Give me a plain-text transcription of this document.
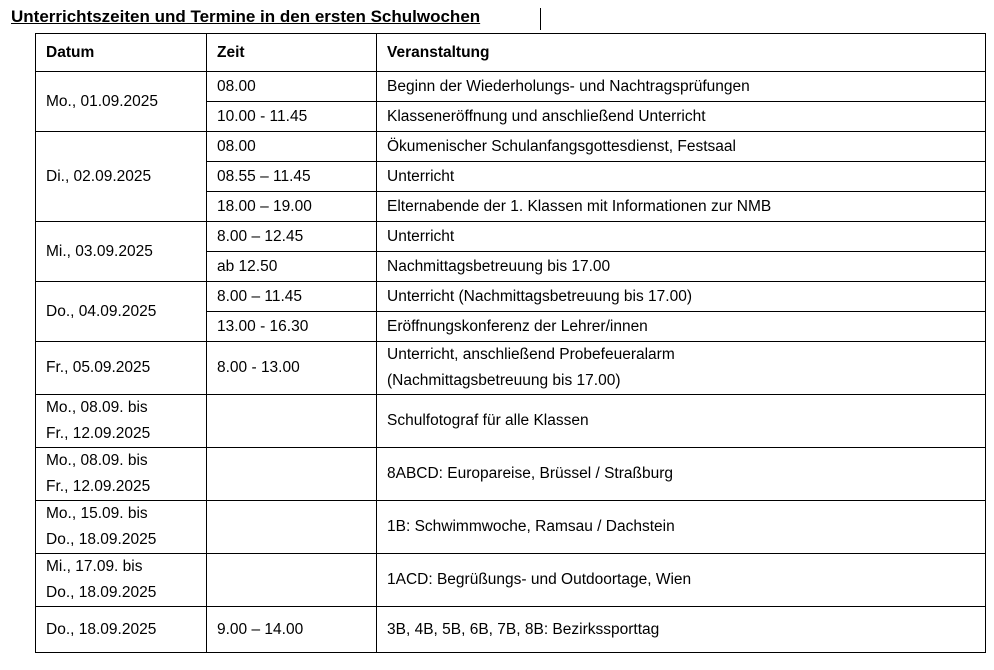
Unterrichtszeiten und Termine in den ersten Schulwochen
Datum	Zeit	Veranstaltung
Mo., 01.09.2025	08.00	Beginn der Wiederholungs- und Nachtragsprüfungen
	10.00 - 11.45	Klasseneröffnung und anschließend Unterricht
Di., 02.09.2025	08.00	Ökumenischer Schulanfangsgottesdienst, Festsaal
	08.55 – 11.45	Unterricht
	18.00 – 19.00	Elternabende der 1. Klassen mit Informationen zur NMB
Mi., 03.09.2025	8.00 – 12.45	Unterricht
	ab 12.50	Nachmittagsbetreuung bis 17.00
Do., 04.09.2025	8.00 – 11.45	Unterricht (Nachmittagsbetreuung bis 17.00)
	13.00 - 16.30	Eröffnungskonferenz der Lehrer/innen
Fr., 05.09.2025	8.00 - 13.00	Unterricht, anschließend Probefeueralarm
(Nachmittagsbetreuung bis 17.00)

Mo., 08.09. bis
Fr., 12.09.2025		Schulfotograf für alle Klassen

Mo., 08.09. bis
Fr., 12.09.2025		8ABCD: Europareise, Brüssel / Straßburg

Mo., 15.09. bis
Do., 18.09.2025		1B: Schwimmwoche, Ramsau / Dachstein

Mi., 17.09. bis
Do., 18.09.2025		1ACD: Begrüßungs- und Outdoortage, Wien
Do., 18.09.2025	9.00 – 14.00	3B, 4B, 5B, 6B, 7B, 8B: Bezirkssporttag
